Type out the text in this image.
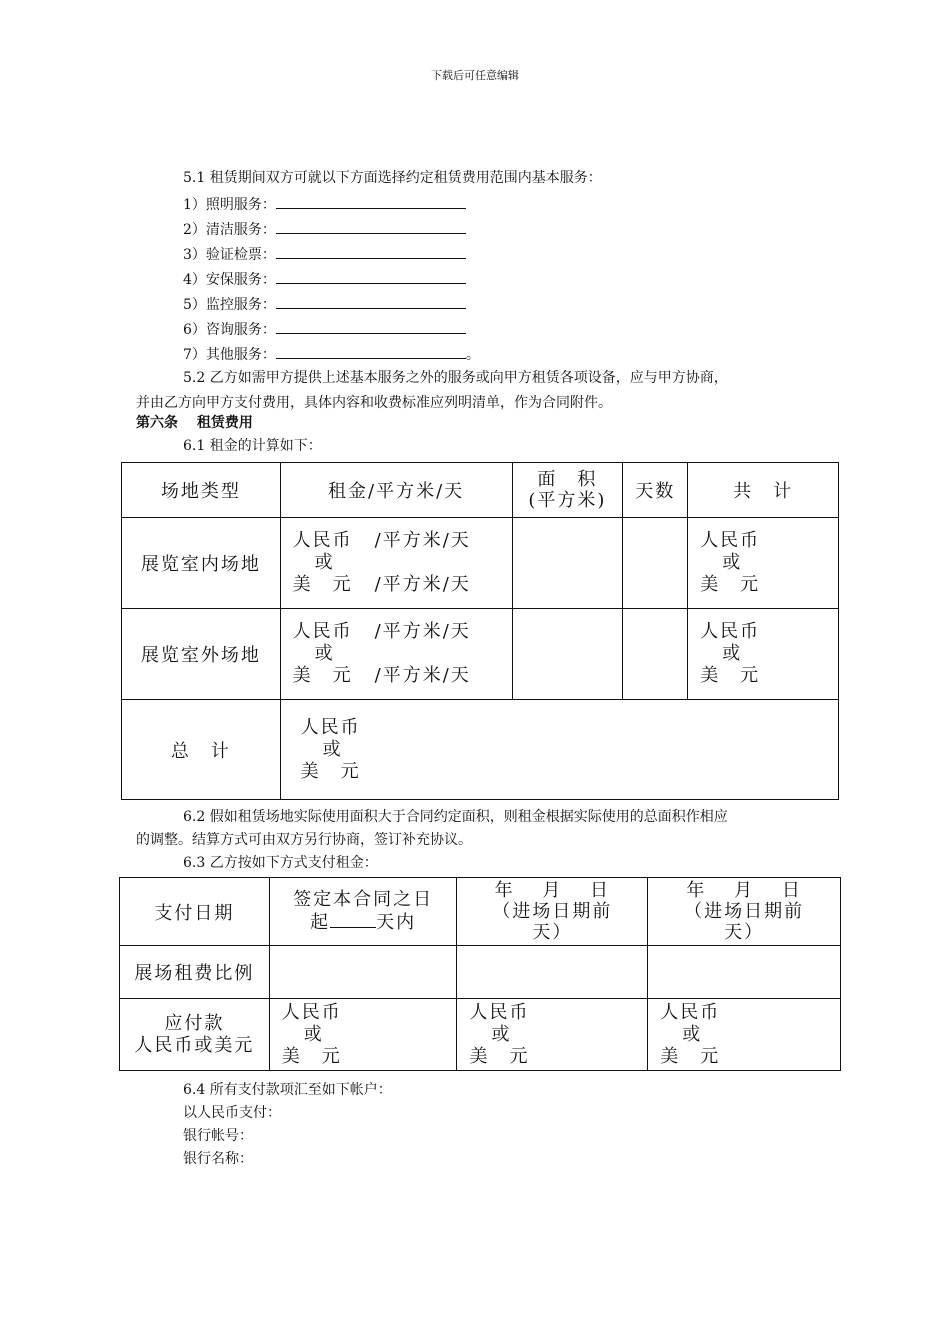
下载后可任意编辑
5.1 租赁期间双方可就以下方面选择约定租赁费用范围内基本服务：
1）照明服务：
2）清洁服务：
3）验证检票：
4）安保服务：
5）监控服务：
6）咨询服务：
7）其他服务：	。
5.2 乙方如需甲方提供上述基本服务之外的服务或向甲方租赁各项设备，应与甲方协商，
并由乙方向甲方支付费用，具体内容和收费标准应列明清单，作为合同附件。
第六条　 租赁费用
6.1 租金的计算如下：
场地类型	租金/平方米/天	面　积
(平方米)	天数	共　计
展览室内场地	人民币 /平方米/天
或
美　元 /平方米/天			人民币
或
美　元

展览室外场地	人民币 /平方米/天
或
美　元 /平方米/天			人民币
或
美　元

总　计	人民币
或
美　元			
6.2 假如租赁场地实际使用面积大于合同约定面积，则租金根据实际使用的总面积作相应
的调整。结算方式可由双方另行协商，签订补充协议。
6.3 乙方按如下方式支付租金：
支付日期	签定本合同之日
起 天内	年　 月　 日
（进场日期前
天）	年　 月　 日
（进场日期前
天）
展场租费比例			
应付款
人民币或美元	人民币
或
美　元	人民币
或
美　元	人民币
或
美　元
6.4 所有支付款项汇至如下帐户：
以人民币支付：
银行帐号：
银行名称：
